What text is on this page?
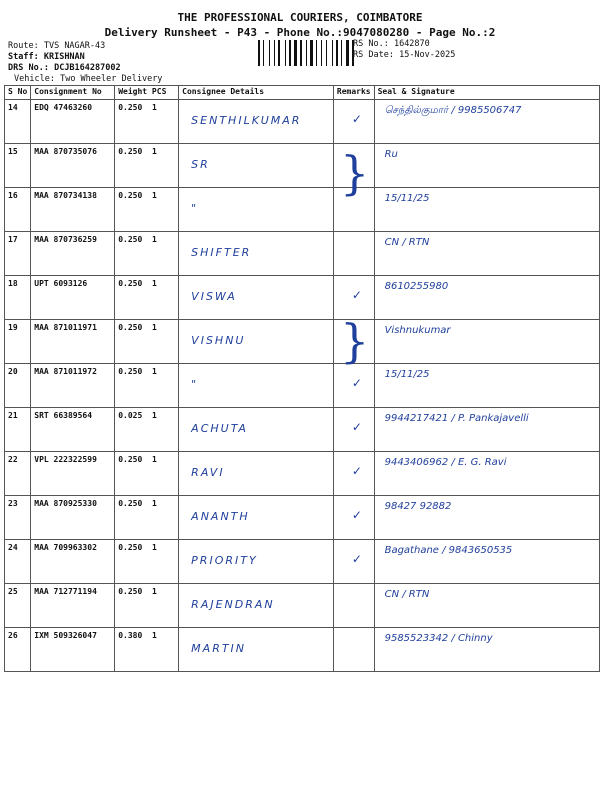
THE PROFESSIONAL COURIERS, COIMBATORE
Delivery Runsheet - P43 - Phone No.:9047080280 - Page No.:2
Route: TVS NAGAR-43
Staff: KRISHNAN
DRS No.: DCJB164287002
Vehicle: Two Wheeler Delivery
RS No.: 1642870
RS Date: 15-Nov-2025
S No	Consignment No	Weight PCS	Consignee Details	Remarks	Seal & Signature
14	EDQ 47463260	0.250 1	SENTHILKUMAR	✓	செந்தில்குமார் / 9985506747

15	MAA 870735076	0.250 1	SR		Ru

16	MAA 870734138	0.250 1	"		15/11/25

17	MAA 870736259	0.250 1	SHIFTER		CN / RTN

18	UPT 6093126	0.250 1	VISWA	✓	8610255980

19	MAA 871011971	0.250 1	VISHNU		Vishnukumar

20	MAA 871011972	0.250 1	"	✓	15/11/25

21	SRT 66389564	0.025 1	ACHUTA	✓	9944217421 / P. Pankajavelli

22	VPL 222322599	0.250 1	RAVI	✓	9443406962 / E. G. Ravi

23	MAA 870925330	0.250 1	ANANTH	✓	98427 92882

24	MAA 709963302	0.250 1	PRIORITY	✓	Bagathane / 9843650535

25	MAA 712771194	0.250 1	RAJENDRAN		CN / RTN

26	IXM 509326047	0.380 1	MARTIN		9585523342 / Chinny
}
}
